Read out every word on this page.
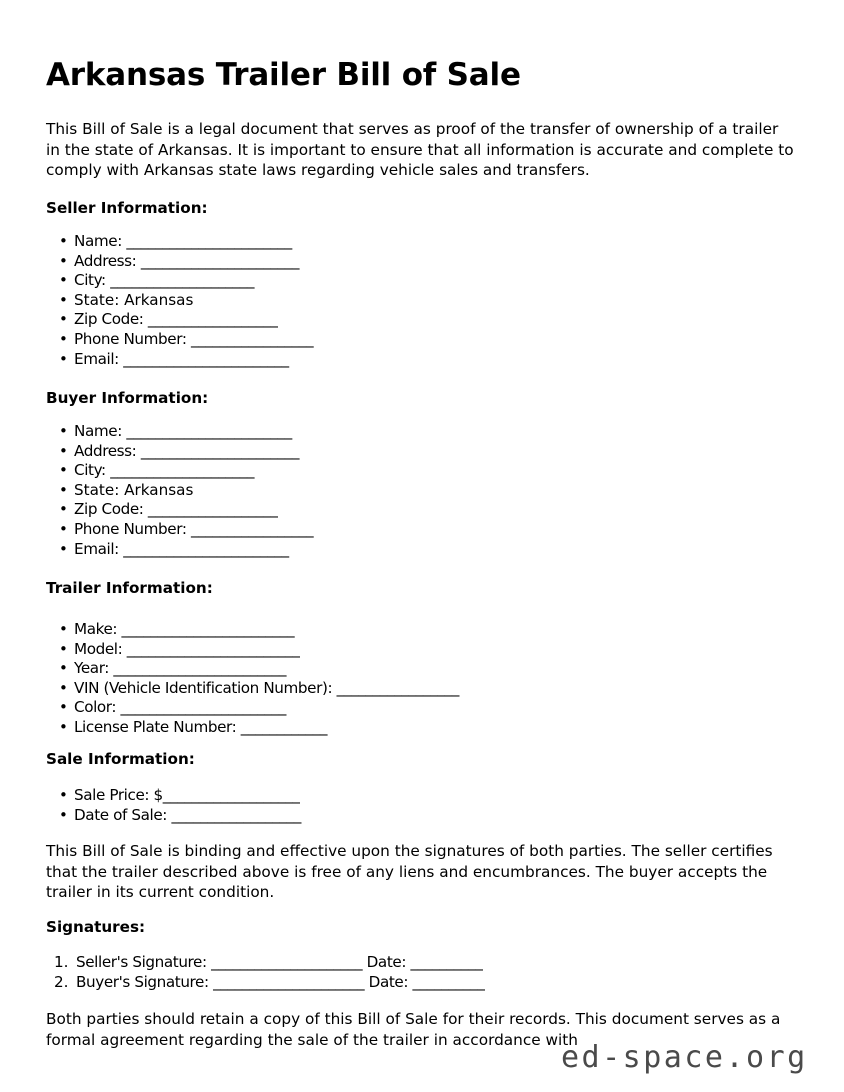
Arkansas Trailer Bill of Sale

This Bill of Sale is a legal document that serves as proof of the transfer of ownership of a trailer in the state of Arkansas. It is important to ensure that all information is accurate and complete to comply with Arkansas state laws regarding vehicle sales and transfers.

Seller Information:
• Name: _______________________
• Address: ______________________
• City: ____________________
• State: Arkansas
• Zip Code: __________________
• Phone Number: _________________
• Email: _______________________
Buyer Information:
• Name: _______________________
• Address: ______________________
• City: ____________________
• State: Arkansas
• Zip Code: __________________
• Phone Number: _________________
• Email: _______________________
Trailer Information:
• Make: ________________________
• Model: ________________________
• Year: ________________________
• VIN (Vehicle Identification Number): _________________
• Color: _______________________
• License Plate Number: ____________
Sale Information:
• Sale Price: $___________________
• Date of Sale: __________________

This Bill of Sale is binding and effective upon the signatures of both parties. The seller certifies that the trailer described above is free of any liens and encumbrances. The buyer accepts the trailer in its current condition.

Signatures:
Seller's Signature: _____________________ Date: __________
Buyer's Signature: _____________________ Date: __________

Both parties should retain a copy of this Bill of Sale for their records. This document serves as a formal agreement regarding the sale of the trailer in accordance with

ed-space.org
